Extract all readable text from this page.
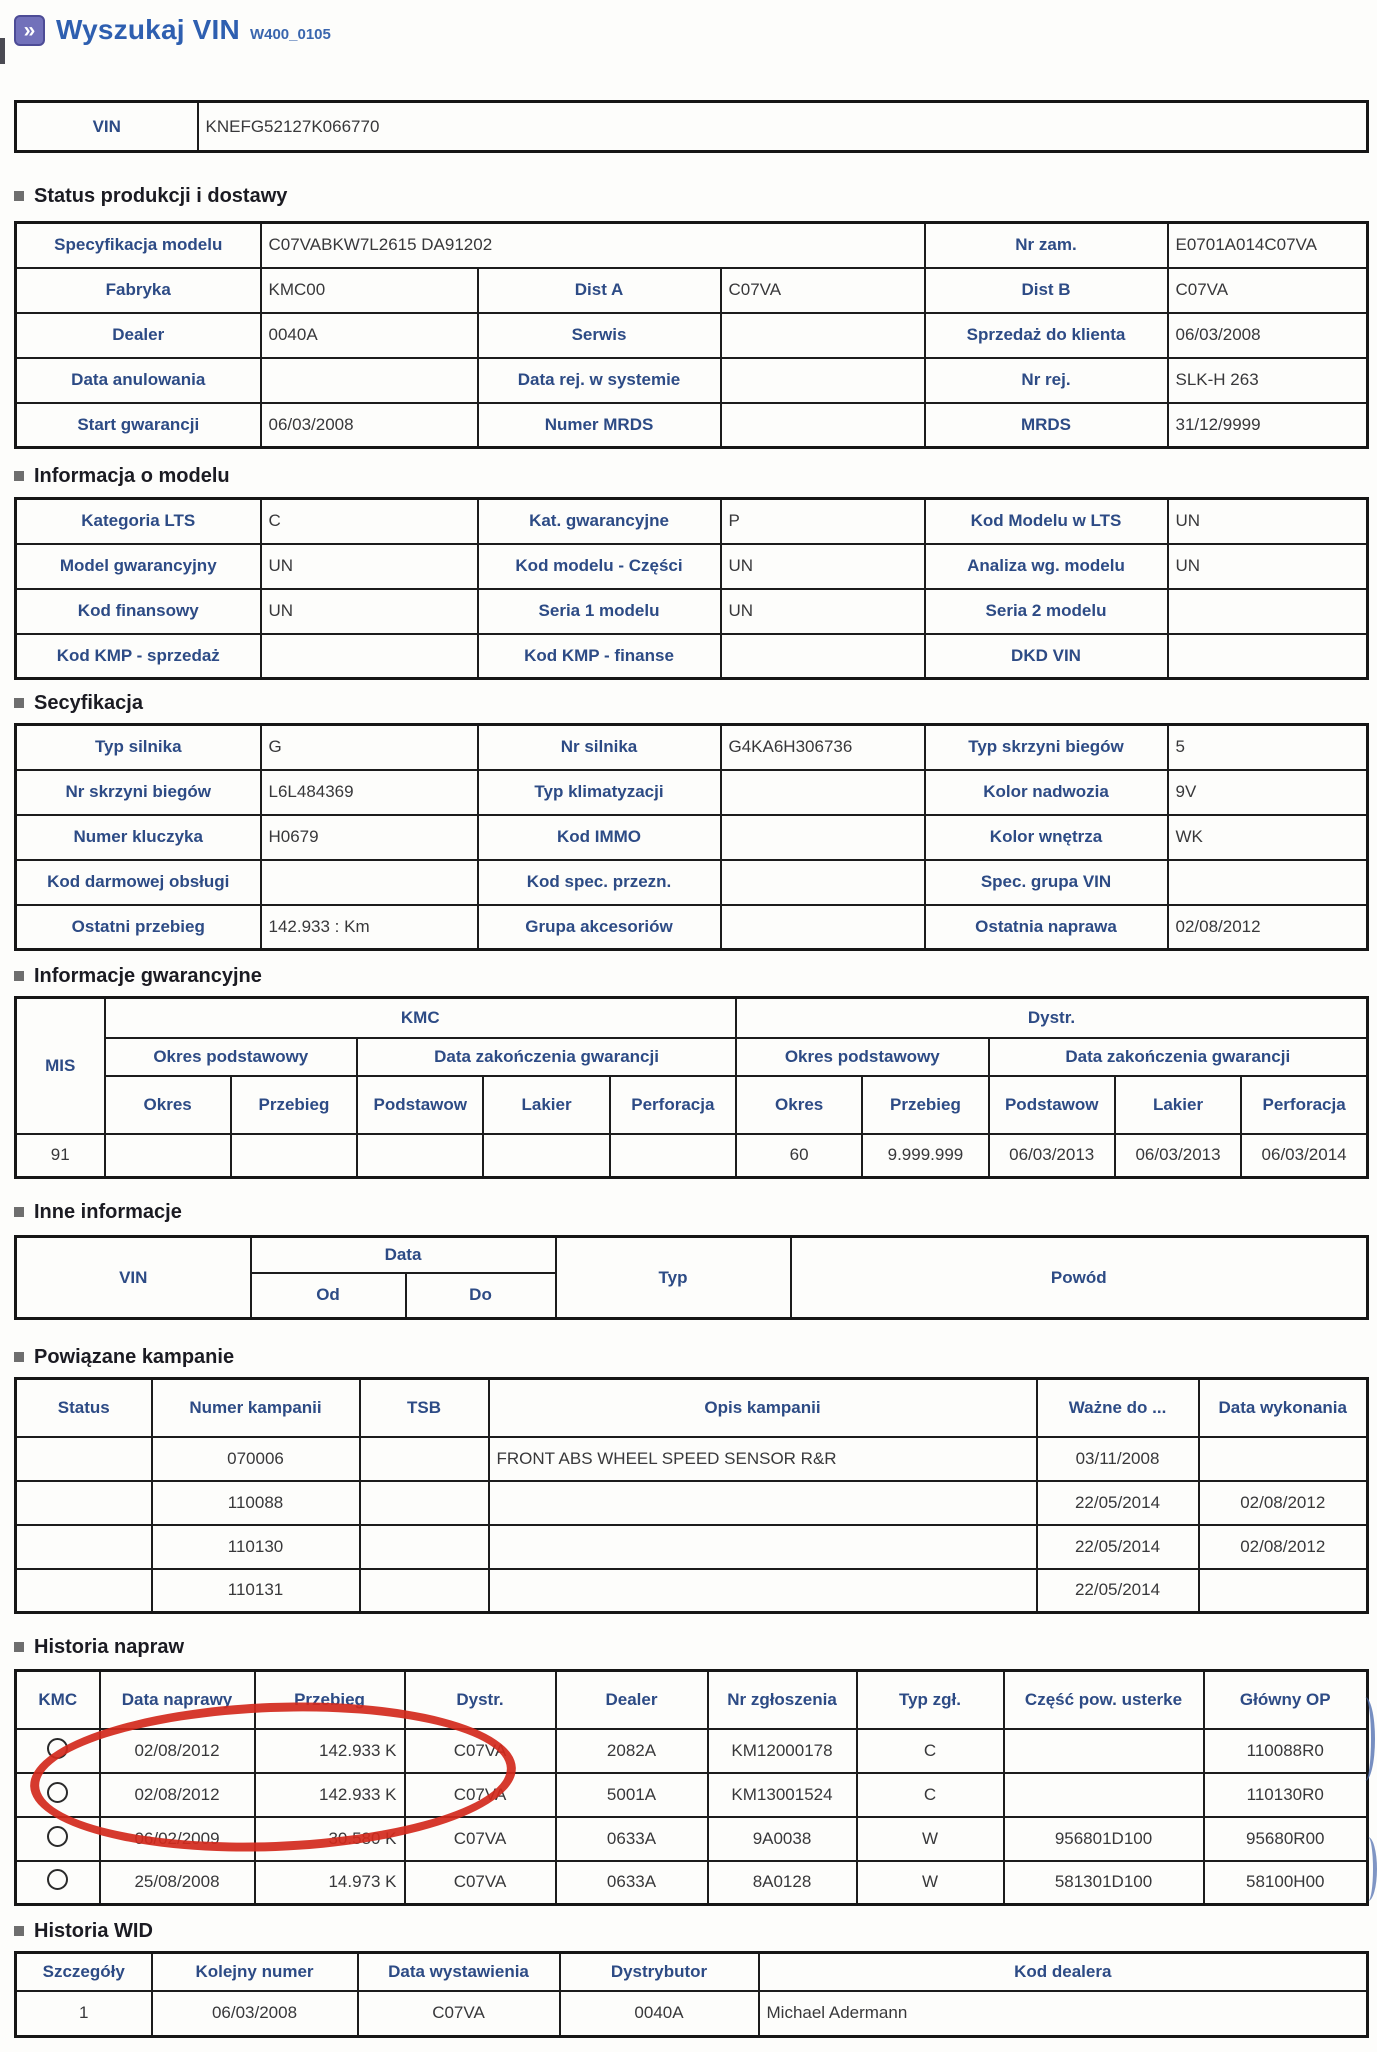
» Wyszukaj VIN W400_0105
VIN	KNEFG52127K066770
Status produkcji i dostawy
Specyfikacja modelu	C07VABKW7L2615 DA91202			Nr zam.	E0701A014C07VA
Fabryka	KMC00	Dist A	C07VA	Dist B	C07VA
Dealer	0040A	Serwis		Sprzedaż do klienta	06/03/2008
Data anulowania		Data rej. w systemie		Nr rej.	SLK-H 263
Start gwarancji	06/03/2008	Numer MRDS		MRDS	31/12/9999
Informacja o modelu
Kategoria LTS	C	Kat. gwarancyjne	P	Kod Modelu w LTS	UN
Model gwarancyjny	UN	Kod modelu - Części	UN	Analiza wg. modelu	UN
Kod finansowy	UN	Seria 1 modelu	UN	Seria 2 modelu	
Kod KMP - sprzedaż		Kod KMP - finanse		DKD VIN	
Secyfikacja
Typ silnika	G	Nr silnika	G4KA6H306736	Typ skrzyni biegów	5
Nr skrzyni biegów	L6L484369	Typ klimatyzacji		Kolor nadwozia	9V
Numer kluczyka	H0679	Kod IMMO		Kolor wnętrza	WK
Kod darmowej obsługi		Kod spec. przezn.		Spec. grupa VIN	
Ostatni przebieg	142.933 : Km	Grupa akcesoriów		Ostatnia naprawa	02/08/2012
Informacje gwarancyjne
MIS	KMC					Dystr.				
	Okres podstawowy		Data zakończenia gwarancji			Okres podstawowy		Data zakończenia gwarancji		
	Okres	Przebieg	Podstawow	Lakier	Perforacja	Okres	Przebieg	Podstawow	Lakier	Perforacja
91						60	9.999.999	06/03/2013	06/03/2013	06/03/2014
Inne informacje
VIN	Data		Typ	Powód
	Od	Do		
Powiązane kampanie
Status	Numer kampanii	TSB	Opis kampanii	Ważne do ...	Data wykonania
	070006		FRONT ABS WHEEL SPEED SENSOR R&R	03/11/2008	
	110088			22/05/2014	02/08/2012
	110130			22/05/2014	02/08/2012
	110131			22/05/2014	
Historia napraw
KMC	Data naprawy	Przebieg	Dystr.	Dealer	Nr zgłoszenia	Typ zgł.	Część pow. usterke	Główny OP
	02/08/2012	142.933 K	C07VA	2082A	KM12000178	C		110088R0
	02/08/2012	142.933 K	C07VA	5001A	KM13001524	C		110130R0
	06/02/2009	30.580 K	C07VA	0633A	9A0038	W	956801D100	95680R00
	25/08/2008	14.973 K	C07VA	0633A	8A0128	W	581301D100	58100H00
Historia WID
Szczegóły	Kolejny numer	Data wystawienia	Dystrybutor	Kod dealera
1	06/03/2008	C07VA	0040A	Michael Adermann
